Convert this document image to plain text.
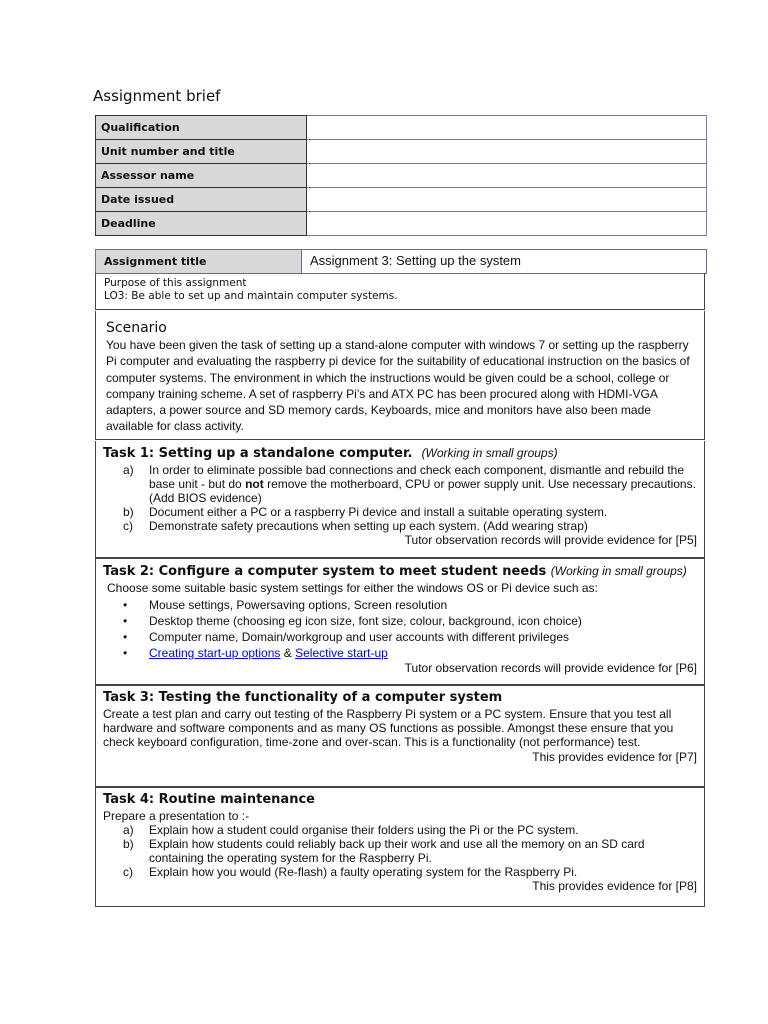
Assignment brief
Qualification	
Unit number and title	
Assessor name	
Date issued	
Deadline	
Assignment title	Assignment 3: Setting up the system
Purpose of this assignment
LO3: Be able to set up and maintain computer systems.
Scenario
You have been given the task of setting up a stand-alone computer with windows 7 or setting up the raspberry Pi computer and evaluating the raspberry pi device for the suitability of educational instruction on the basics of computer systems. The environment in which the instructions would be given could be a school, college or company training scheme. A set of raspberry Pi’s and ATX PC has been procured along with HDMI-VGA adapters, a power source and SD memory cards, Keyboards, mice and monitors have also been made available for class activity.
Task 1: Setting up a standalone computer. (Working in small groups)
a)	In order to eliminate possible bad connections and check each component, dismantle and rebuild the base unit - but do not remove the motherboard, CPU or power supply unit. Use necessary precautions. (Add BIOS evidence)
b)	Document either a PC or a raspberry Pi device and install a suitable operating system.
c)	Demonstrate safety precautions when setting up each system. (Add wearing strap)
Tutor observation records will provide evidence for [P5]
Task 2: Configure a computer system to meet student needs (Working in small groups)
Choose some suitable basic system settings for either the windows OS or Pi device such as:
•	Mouse settings, Powersaving options, Screen resolution
•	Desktop theme (choosing eg icon size, font size, colour, background, icon choice)
•	Computer name, Domain/workgroup and user accounts with different privileges
•	Creating start-up options & Selective start-up
Tutor observation records will provide evidence for [P6]
Task 3: Testing the functionality of a computer system
Create a test plan and carry out testing of the Raspberry Pi system or a PC system. Ensure that you test all hardware and software components and as many OS functions as possible. Amongst these ensure that you check keyboard configuration, time-zone and over-scan. This is a functionality (not performance) test.
This provides evidence for [P7]
Task 4: Routine maintenance
Prepare a presentation to :-
a)	Explain how a student could organise their folders using the Pi or the PC system.
b)	Explain how students could reliably back up their work and use all the memory on an SD card containing the operating system for the Raspberry Pi.
c)	Explain how you would (Re-flash) a faulty operating system for the Raspberry Pi.
This provides evidence for [P8]
